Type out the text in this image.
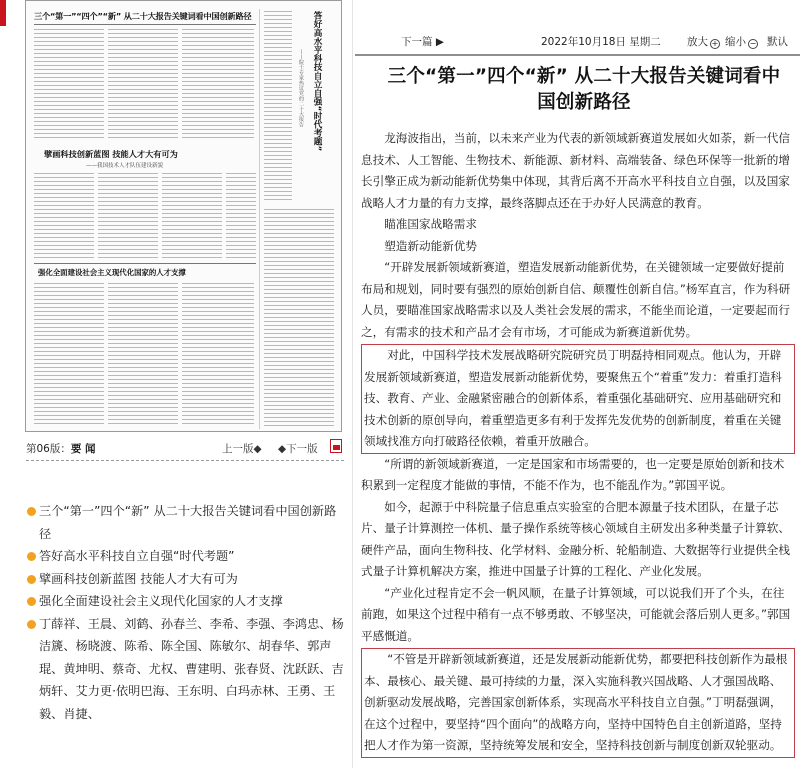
三个“第一”“四个”“新” 从二十大报告关键词看中国创新路径	答好高水平科技自立自强“时代考题”
——院士专家热议党的二十大报告
擘画科技创新蓝图 技能人才大有可为
——我国技术人才队伍建设新貌
强化全面建设社会主义现代化国家的人才支撑
第06版：要 闻	上一版◆ ◆下一版
三个“第一”四个“新” 从二十大报告关键词看中国创新路径
答好高水平科技自立自强“时代考题”
擘画科技创新蓝图 技能人才大有可为
强化全面建设社会主义现代化国家的人才支撑
丁薛祥、王晨、刘鹤、孙春兰、李希、李强、李鸿忠、杨洁篪、杨晓渡、陈希、陈全国、陈敏尔、胡春华、郭声琨、黄坤明、蔡奇、尤权、曹建明、张春贤、沈跃跃、吉炳轩、艾力更·依明巴海、王东明、白玛赤林、王勇、王毅、肖捷、
下一篇 ▶	2022年10月18日 星期二 放大 + 缩小 − 默认
三个“第一”四个“新” 从二十大报告关键词看中
国创新路径

龙海波指出，当前，以未来产业为代表的新领域新赛道发展如火如荼，新一代信息技术、人工智能、生物技术、新能源、新材料、高端装备、绿色环保等一批新的增长引擎正成为新动能新优势集中体现，其背后离不开高水平科技自立自强，以及国家战略人才力量的有力支撑，最终落脚点还在于办好人民满意的教育。

瞄准国家战略需求

塑造新动能新优势

“开辟发展新领域新赛道，塑造发展新动能新优势，在关键领域一定要做好提前布局和规划，同时要有强烈的原始创新自信、颠覆性创新自信。”杨军直言，作为科研人员，要瞄准国家战略需求以及人类社会发展的需求，不能坐而论道，一定要起而行之，有需求的技术和产品才会有市场，才可能成为新赛道新优势。

对此，中国科学技术发展战略研究院研究员丁明磊持相同观点。他认为，开辟发展新领域新赛道，塑造发展新动能新优势，要聚焦五个“着重”发力：着重打造科技、教育、产业、金融紧密融合的创新体系，着重强化基础研究、应用基础研究和技术创新的原创导向，着重塑造更多有利于发挥先发优势的创新制度，着重在关键领域找准方向打破路径依赖，着重开放融合。

“所谓的新领域新赛道，一定是国家和市场需要的，也一定要是原始创新和技术积累到一定程度才能做的事情，不能不作为，也不能乱作为。”郭国平说。

如今，起源于中科院量子信息重点实验室的合肥本源量子技术团队，在量子芯片、量子计算测控一体机、量子操作系统等核心领域自主研发出多种类量子计算软、硬件产品，面向生物科技、化学材料、金融分析、轮船制造、大数据等行业提供全栈式量子计算机解决方案，推进中国量子计算的工程化、产业化发展。

“产业化过程肯定不会一帆风顺，在量子计算领域，可以说我们开了个头，在往前跑，如果这个过程中稍有一点不够勇敢、不够坚决，可能就会落后别人更多。”郭国平感慨道。

“不管是开辟新领域新赛道，还是发展新动能新优势，都要把科技创新作为最根本、最核心、最关键、最可持续的力量，深入实施科教兴国战略、人才强国战略、创新驱动发展战略，完善国家创新体系，实现高水平科技自立自强。”丁明磊强调，在这个过程中，要坚持“四个面向”的战略方向，坚持中国特色自主创新道路，坚持把人才作为第一资源，坚持统筹发展和安全，坚持科技创新与制度创新双轮驱动。
